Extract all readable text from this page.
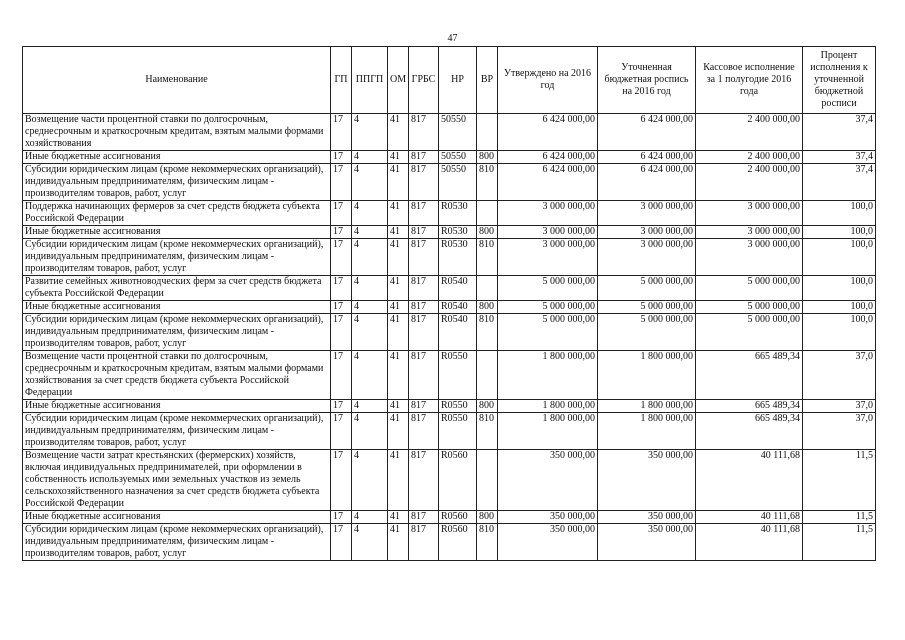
47
Наименование	ГП	ППГП	ОМ	ГРБС	НР	ВР	Утверждено на 2016 год	Уточненная бюджетная роспись на 2016 год	Кассовое исполнение за 1 полугодие 2016 года	Процент исполнения к уточненной бюджетной росписи
Возмещение части процентной ставки по долгосрочным, среднесрочным и краткосрочным кредитам, взятым малыми формами хозяйствования	17	4	41	817	50550		6 424 000,00	6 424 000,00	2 400 000,00	37,4
Иные бюджетные ассигнования	17	4	41	817	50550	800	6 424 000,00	6 424 000,00	2 400 000,00	37,4
Субсидии юридическим лицам (кроме некоммерческих организаций), индивидуальным предпринимателям, физическим лицам - производителям товаров, работ, услуг	17	4	41	817	50550	810	6 424 000,00	6 424 000,00	2 400 000,00	37,4
Поддержка начинающих фермеров за счет средств бюджета субъекта Российской Федерации	17	4	41	817	R0530		3 000 000,00	3 000 000,00	3 000 000,00	100,0
Иные бюджетные ассигнования	17	4	41	817	R0530	800	3 000 000,00	3 000 000,00	3 000 000,00	100,0
Субсидии юридическим лицам (кроме некоммерческих организаций), индивидуальным предпринимателям, физическим лицам - производителям товаров, работ, услуг	17	4	41	817	R0530	810	3 000 000,00	3 000 000,00	3 000 000,00	100,0
Развитие семейных животноводческих ферм за счет средств бюджета субъекта Российской Федерации	17	4	41	817	R0540		5 000 000,00	5 000 000,00	5 000 000,00	100,0
Иные бюджетные ассигнования	17	4	41	817	R0540	800	5 000 000,00	5 000 000,00	5 000 000,00	100,0
Субсидии юридическим лицам (кроме некоммерческих организаций), индивидуальным предпринимателям, физическим лицам - производителям товаров, работ, услуг	17	4	41	817	R0540	810	5 000 000,00	5 000 000,00	5 000 000,00	100,0
Возмещение части процентной ставки по долгосрочным, среднесрочным и краткосрочным кредитам, взятым малыми формами хозяйствования за счет средств бюджета субъекта Российской Федерации	17	4	41	817	R0550		1 800 000,00	1 800 000,00	665 489,34	37,0
Иные бюджетные ассигнования	17	4	41	817	R0550	800	1 800 000,00	1 800 000,00	665 489,34	37,0
Субсидии юридическим лицам (кроме некоммерческих организаций), индивидуальным предпринимателям, физическим лицам - производителям товаров, работ, услуг	17	4	41	817	R0550	810	1 800 000,00	1 800 000,00	665 489,34	37,0
Возмещение части затрат крестьянских (фермерских) хозяйств, включая индивидуальных предпринимателей, при оформлении в собственность используемых ими земельных участков из земель сельскохозяйственного назначения за счет средств бюджета субъекта Российской Федерации	17	4	41	817	R0560		350 000,00	350 000,00	40 111,68	11,5
Иные бюджетные ассигнования	17	4	41	817	R0560	800	350 000,00	350 000,00	40 111,68	11,5
Субсидии юридическим лицам (кроме некоммерческих организаций), индивидуальным предпринимателям, физическим лицам - производителям товаров, работ, услуг	17	4	41	817	R0560	810	350 000,00	350 000,00	40 111,68	11,5
